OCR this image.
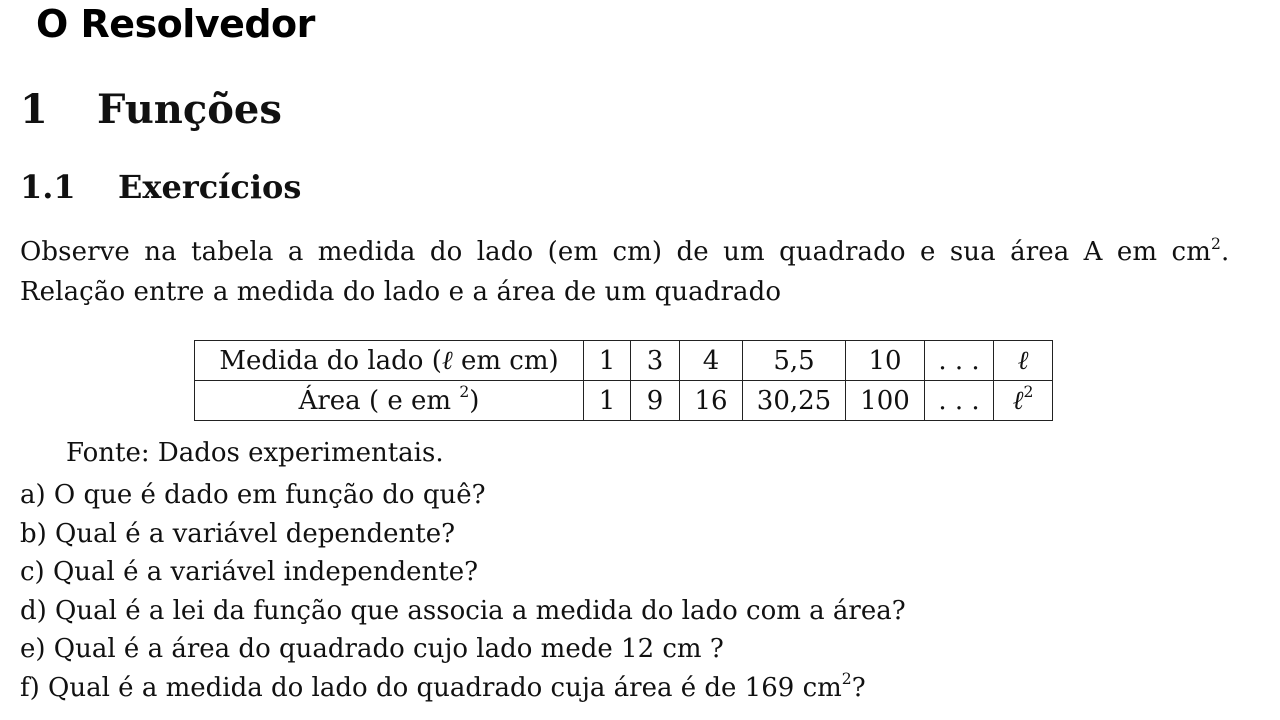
O Resolvedor
1 Funções
1.1 Exercícios
Observe na tabela a medida do lado (em cm) de um quadrado e sua área A em $cm^2$.
Relação entre a medida do lado e a área de um quadrado
Medida do lado (ℓ em cm)	1	3	4	5,5	10	. . .	ℓ
Área ( e em $^2$)	1	9	16	30,25	100	. . .	ℓ$^2$
Fonte: Dados experimentais.
a) O que é dado em função do quê?
b) Qual é a variável dependente?
c) Qual é a variável independente?
d) Qual é a lei da função que associa a medida do lado com a área?
e) Qual é a área do quadrado cujo lado mede 12 cm ?
f) Qual é a medida do lado do quadrado cuja área é de 169 $cm^2$?
